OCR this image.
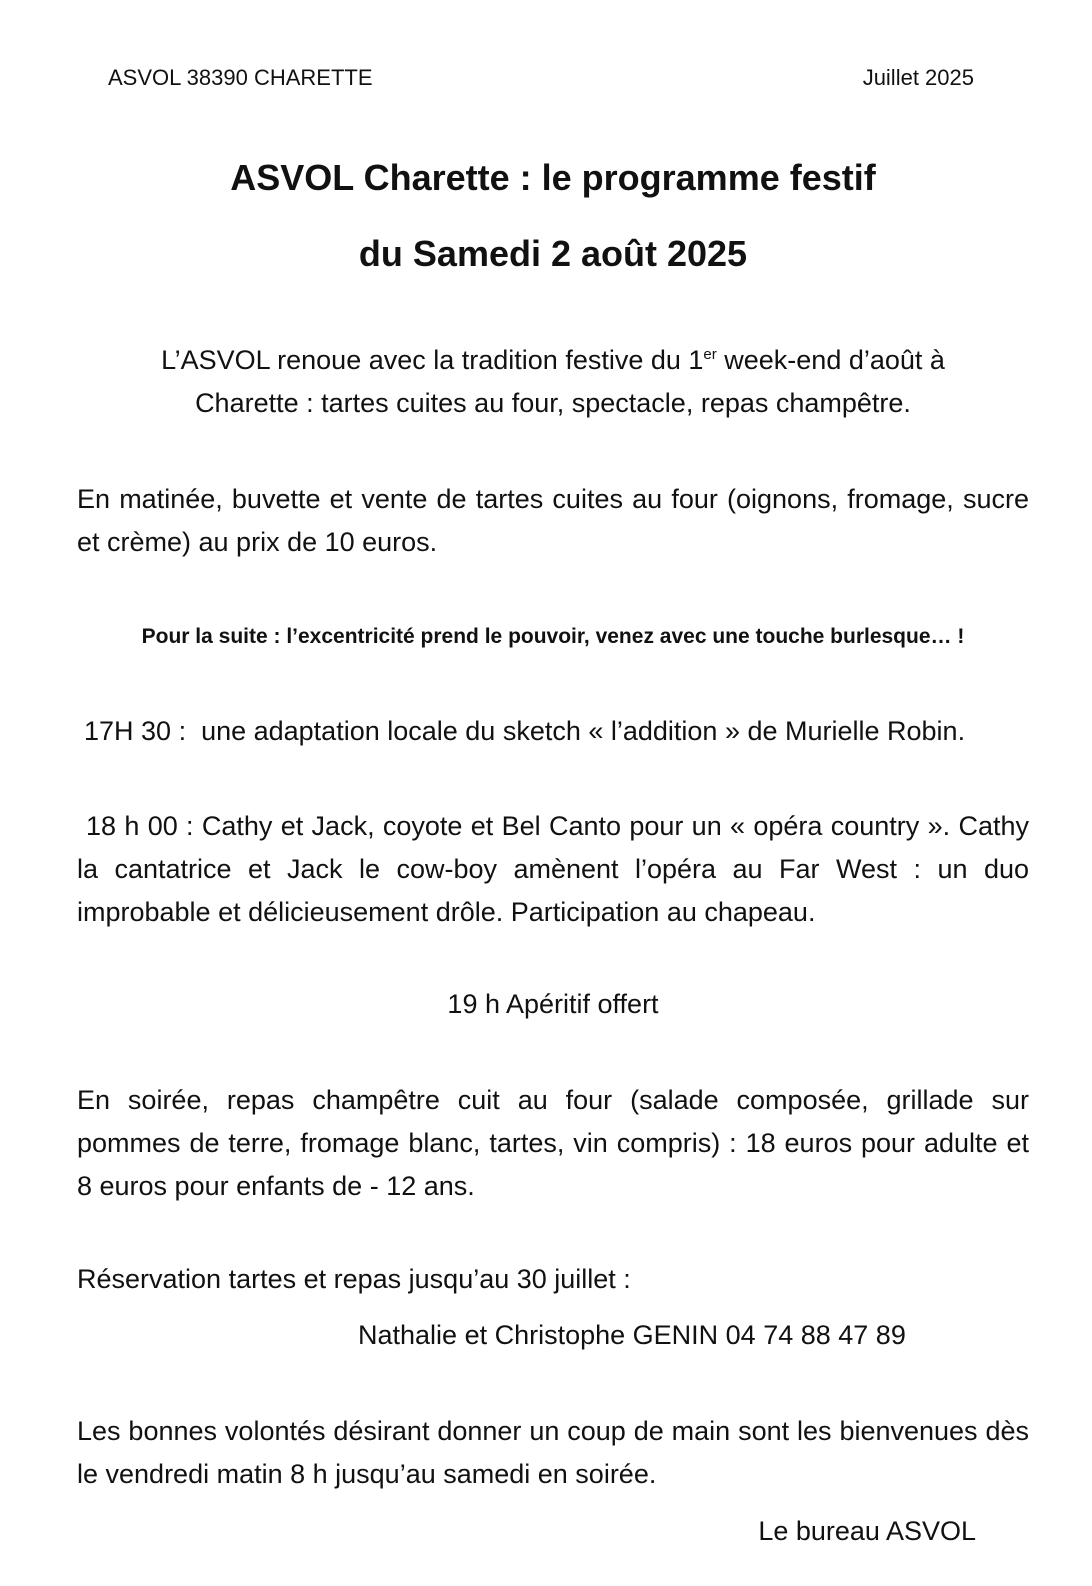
ASVOL 38390 CHARETTE	Juillet 2025

ASVOL Charette : le programme festif
du Samedi 2 août 2025
L’ASVOL renoue avec la tradition festive du 1er week-end d’août à
Charette : tartes cuites au four, spectacle, repas champêtre.

En matinée, buvette et vente de tartes cuites au four (oignons, fromage, sucre et crème) au prix de 10 euros.

Pour la suite : l’excentricité prend le pouvoir, venez avec une touche burlesque… !

17H 30 :  une adaptation locale du sketch « l’addition » de Murielle Robin.

18 h 00 : Cathy et Jack, coyote et Bel Canto pour un « opéra country ». Cathy la cantatrice et Jack le cow-boy amènent l’opéra au Far West : un duo improbable et délicieusement drôle. Participation au chapeau.

19 h Apéritif offert

En soirée, repas champêtre cuit au four (salade composée, grillade sur pommes de terre, fromage blanc, tartes, vin compris) : 18 euros pour adulte et 8 euros pour enfants de - 12 ans.

Réservation tartes et repas jusqu’au 30 juillet :

Nathalie et Christophe GENIN 04 74 88 47 89

Les bonnes volontés désirant donner un coup de main sont les bienvenues dès le vendredi matin 8 h jusqu’au samedi en soirée.

Le bureau ASVOL
